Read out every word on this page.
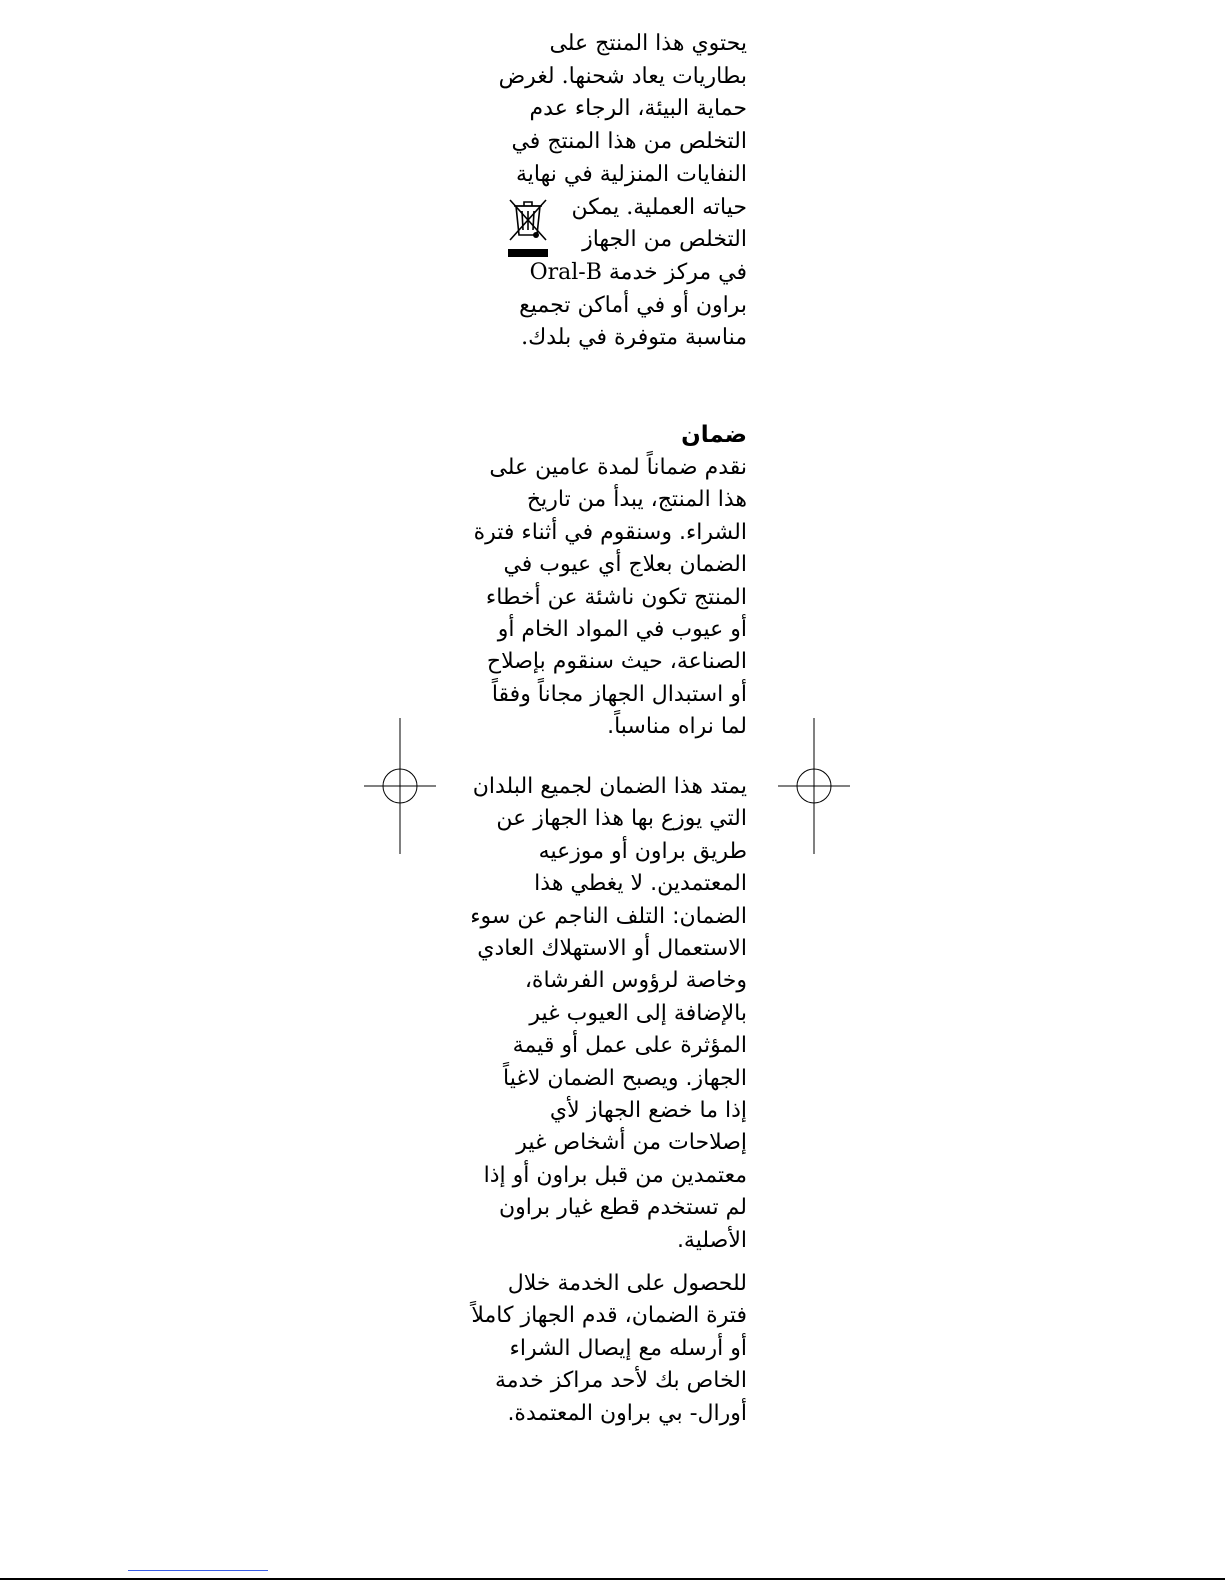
يحتوي هذا المنتج على
بطاريات يعاد شحنها. لغرض
حماية البيئة، الرجاء عدم
التخلص من هذا المنتج في
النفايات المنزلية في نهاية
حياته العملية. يمكن
التخلص من الجهاز
في مركز خدمة Oral-B
براون أو في أماكن تجميع
مناسبة متوفرة في بلدك.
ضمان
نقدم ضماناً لمدة عامين على
هذا المنتج، يبدأ من تاريخ
الشراء. وسنقوم في أثناء فترة
الضمان بعلاج أي عيوب في
المنتج تكون ناشئة عن أخطاء
أو عيوب في المواد الخام أو
الصناعة، حيث سنقوم بإصلاح
أو استبدال الجهاز مجاناً وفقاً
لما نراه مناسباً.
يمتد هذا الضمان لجميع البلدان
التي يوزع بها هذا الجهاز عن
طريق براون أو موزعيه
المعتمدين. لا يغطي هذا
الضمان: التلف الناجم عن سوء
الاستعمال أو الاستهلاك العادي
وخاصة لرؤوس الفرشاة،
بالإضافة إلى العيوب غير
المؤثرة على عمل أو قيمة
الجهاز. ويصبح الضمان لاغياً
إذا ما خضع الجهاز لأي
إصلاحات من أشخاص غير
معتمدين من قبل براون أو إذا
لم تستخدم قطع غيار براون
الأصلية.
للحصول على الخدمة خلال
فترة الضمان، قدم الجهاز كاملاً
أو أرسله مع إيصال الشراء
الخاص بك لأحد مراكز خدمة
أورال- بي براون المعتمدة.
